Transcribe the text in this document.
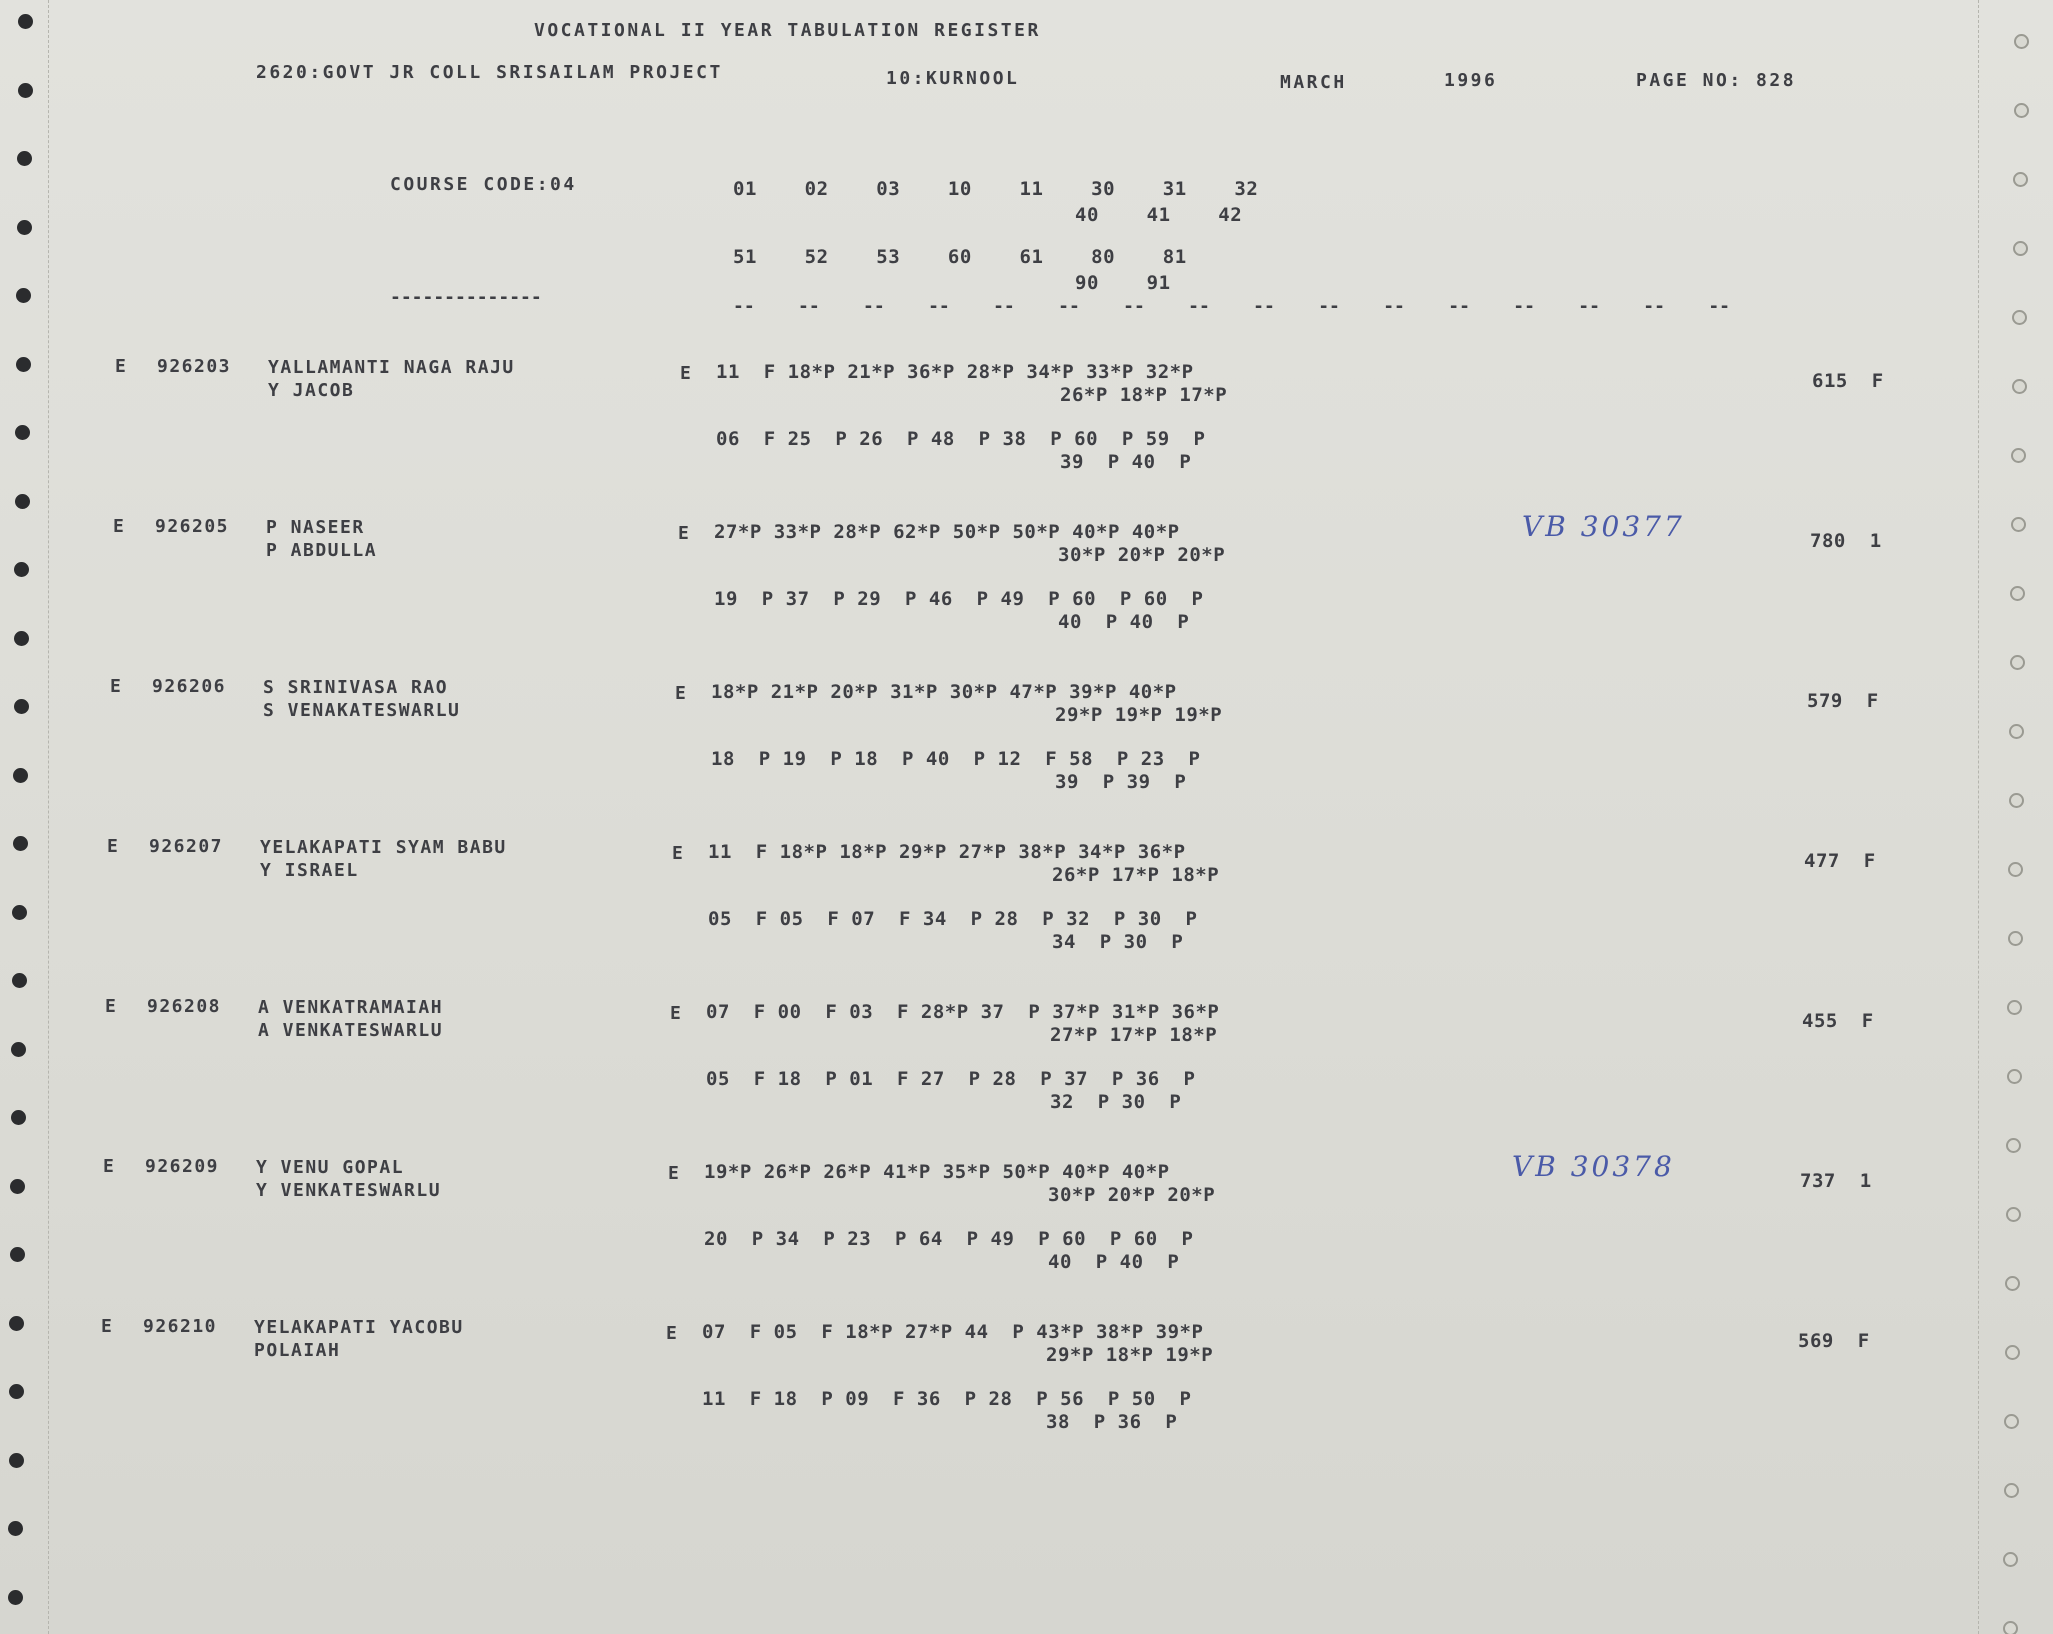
VOCATIONAL II YEAR TABULATION REGISTER
2620:GOVT JR COLL SRISAILAM PROJECT	10:KURNOOL	MARCH	1996	PAGE NO: 828
COURSE CODE:04
--------------
01    02    03    10    11    30    31    32
40    41    42
51    52    53    60    61    80    81
90    91
--    --    --    --    --    --    --    --    --    --    --    --    --    --    --    --
E 926203 YALLAMANTI NAGA RAJU
Y JACOB
E 11  F 18*P 21*P 36*P 28*P 34*P 33*P 32*P
26*P 18*P 17*P
06  F 25  P 26  P 48  P 38  P 60  P 59  P
39  P 40  P
615  F
E 926205 P NASEER
P ABDULLA
E 27*P 33*P 28*P 62*P 50*P 50*P 40*P 40*P
30*P 20*P 20*P
19  P 37  P 29  P 46  P 49  P 60  P 60  P
40  P 40  P
780  1
VB 30377
E 926206 S SRINIVASA RAO
S VENAKATESWARLU
E 18*P 21*P 20*P 31*P 30*P 47*P 39*P 40*P
29*P 19*P 19*P
18  P 19  P 18  P 40  P 12  F 58  P 23  P
39  P 39  P
579  F
E 926207 YELAKAPATI SYAM BABU
Y ISRAEL
E 11  F 18*P 18*P 29*P 27*P 38*P 34*P 36*P
26*P 17*P 18*P
05  F 05  F 07  F 34  P 28  P 32  P 30  P
34  P 30  P
477  F
E 926208 A VENKATRAMAIAH
A VENKATESWARLU
E 07  F 00  F 03  F 28*P 37  P 37*P 31*P 36*P
27*P 17*P 18*P
05  F 18  P 01  F 27  P 28  P 37  P 36  P
32  P 30  P
455  F
E 926209 Y VENU GOPAL
Y VENKATESWARLU
E 19*P 26*P 26*P 41*P 35*P 50*P 40*P 40*P
30*P 20*P 20*P
20  P 34  P 23  P 64  P 49  P 60  P 60  P
40  P 40  P
737  1
VB 30378
E 926210 YELAKAPATI YACOBU
POLAIAH
E 07  F 05  F 18*P 27*P 44  P 43*P 38*P 39*P
29*P 18*P 19*P
11  F 18  P 09  F 36  P 28  P 56  P 50  P
38  P 36  P
569  F
